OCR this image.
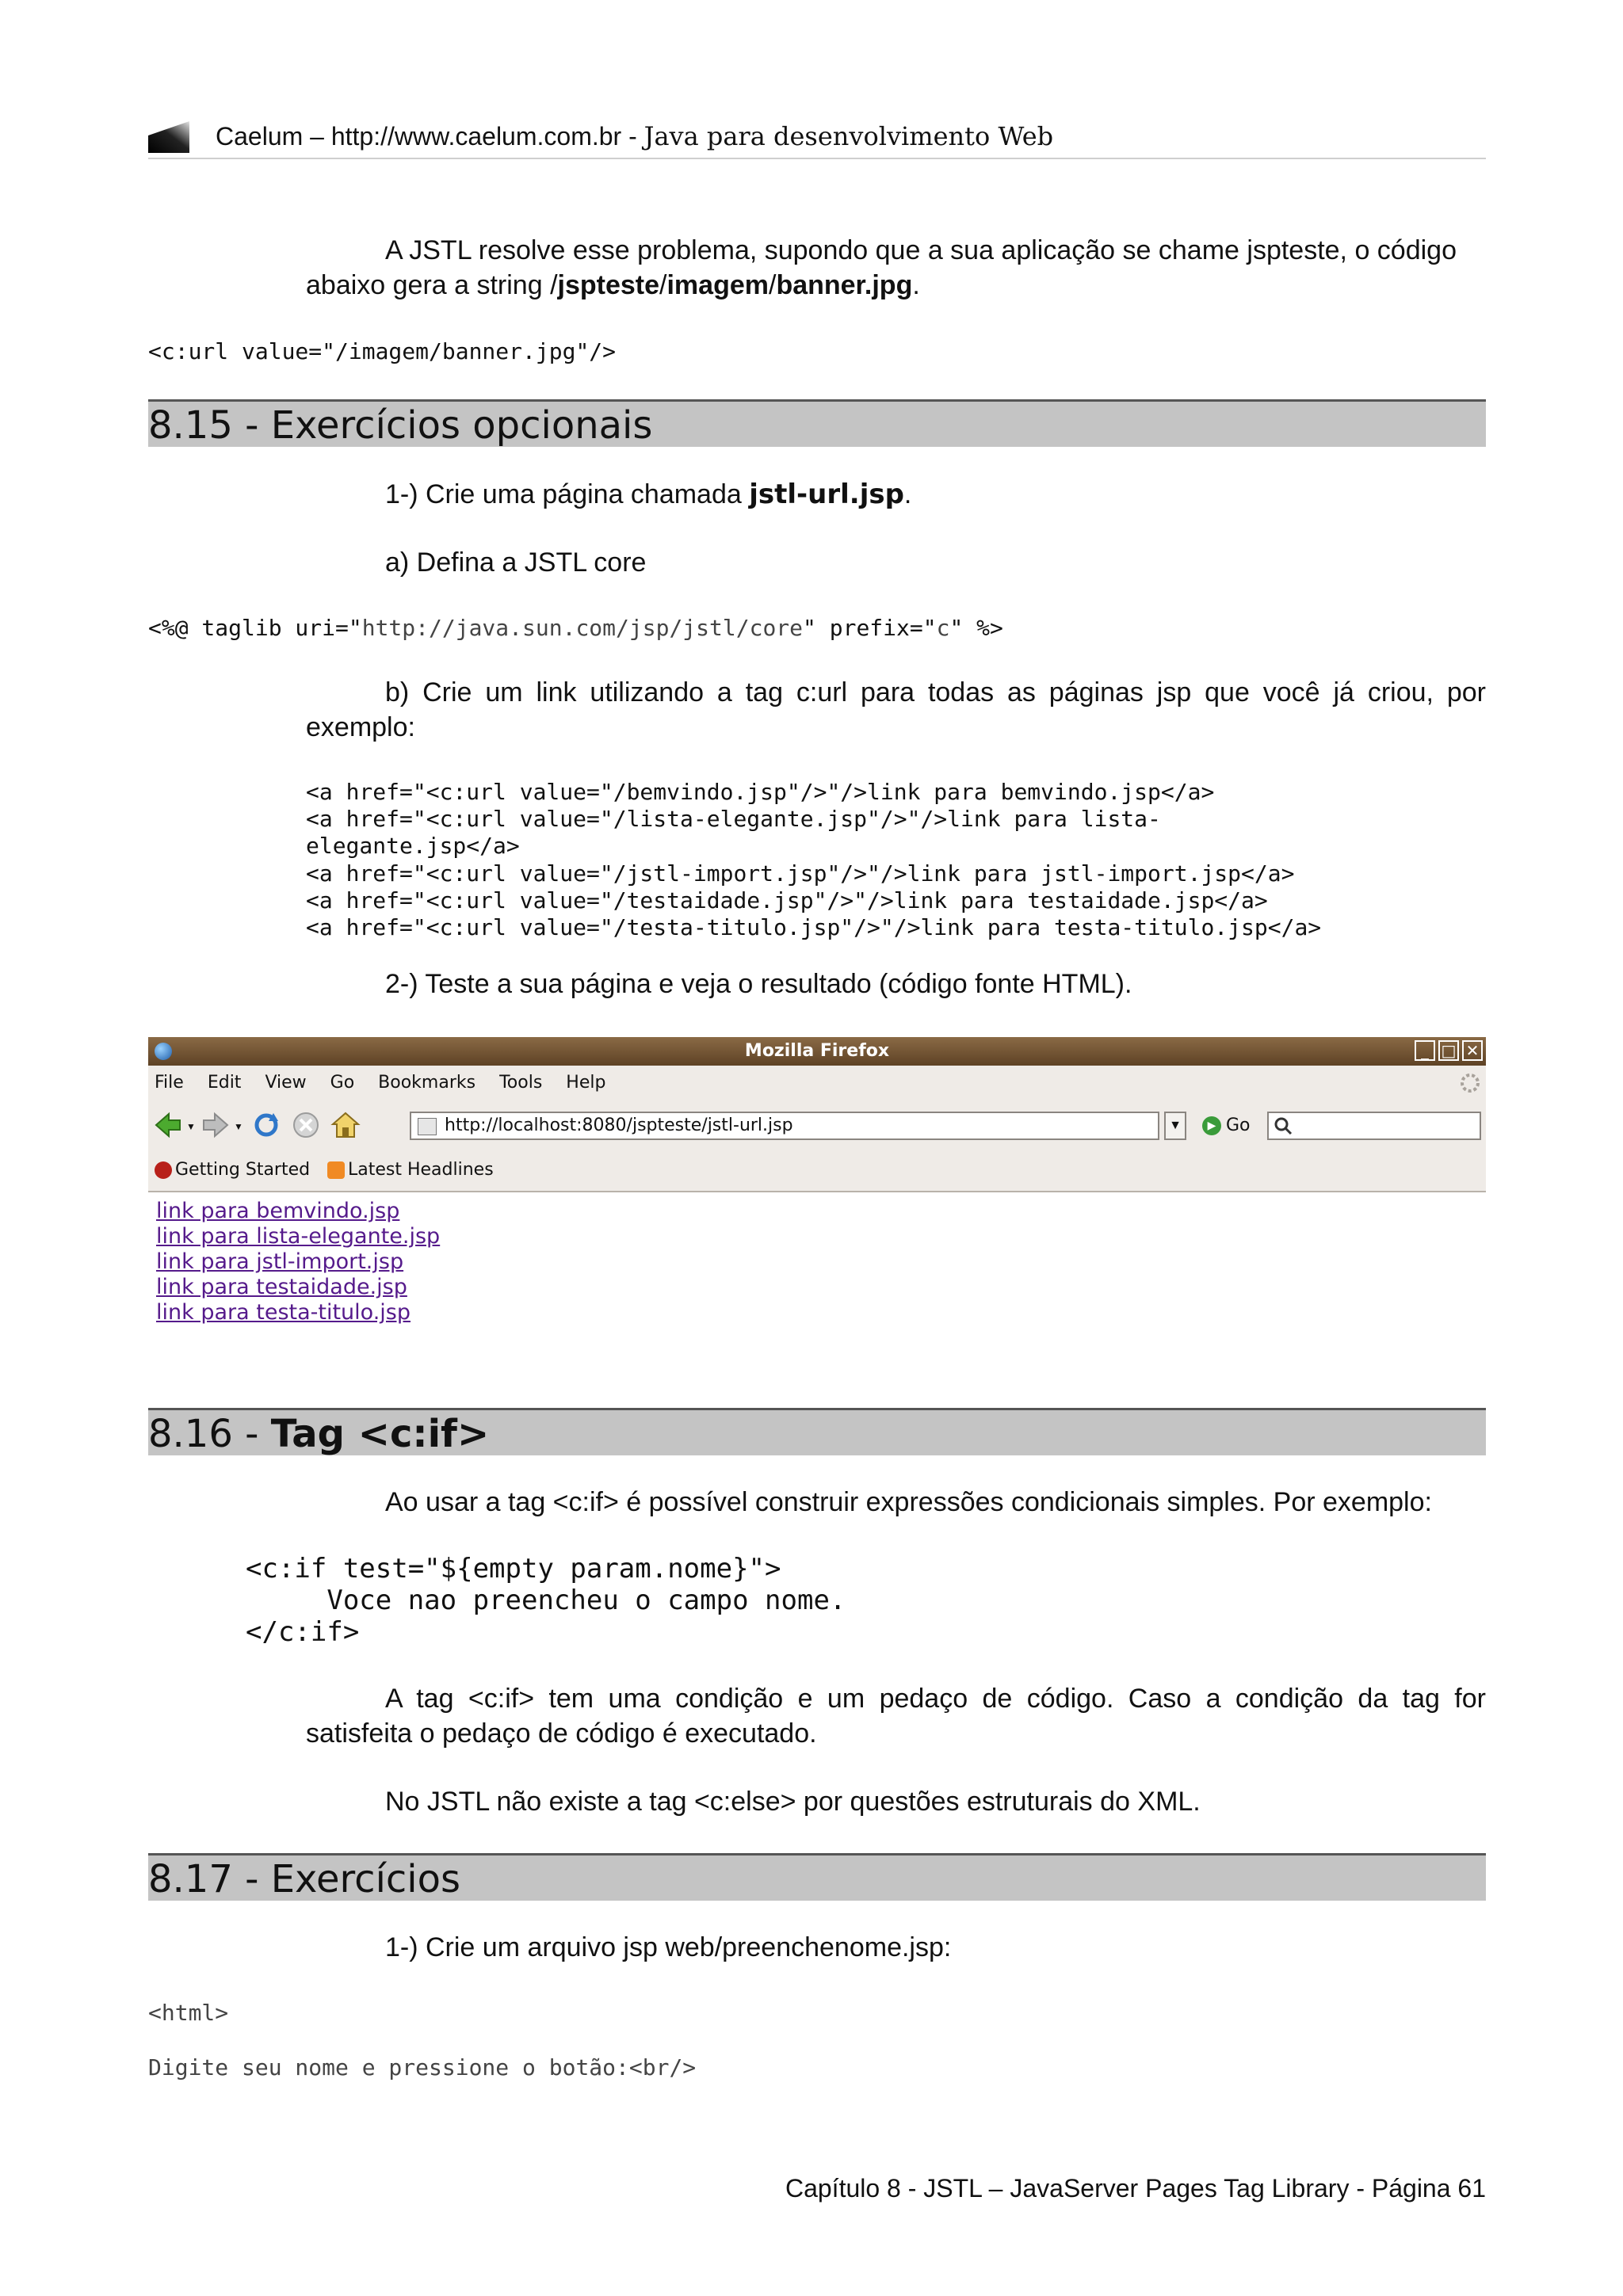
Caelum – http://www.caelum.com.br - Java para desenvolvimento Web
A JSTL resolve esse problema, supondo que a sua aplicação se chame jspteste, o código
abaixo gera a string /jspteste/imagem/banner.jpg.
<c:url value="/imagem/banner.jpg"/>
8.15 - Exercícios opcionais
1-) Crie uma página chamada jstl-url.jsp.
a) Defina a JSTL core
<%@ taglib uri="http://java.sun.com/jsp/jstl/core" prefix="c" %>
b) Crie um link utilizando a tag c:url para todas as páginas jsp que você já criou, por
exemplo:
<a href="<c:url value="/bemvindo.jsp"/>"/>link para bemvindo.jsp</a>
<a href="<c:url value="/lista-elegante.jsp"/>"/>link para lista-
elegante.jsp</a>
<a href="<c:url value="/jstl-import.jsp"/>"/>link para jstl-import.jsp</a>
<a href="<c:url value="/testaidade.jsp"/>"/>link para testaidade.jsp</a>
<a href="<c:url value="/testa-titulo.jsp"/>"/>link para testa-titulo.jsp</a>
2-) Teste a sua página e veja o resultado (código fonte HTML).
Mozilla Firefox	_ □ ✕
File Edit View Go Bookmarks Tools Help
▼	▼	http://localhost:8080/jspteste/jstl-url.jsp	▼	▶ Go
Getting Started	Latest Headlines
link para bemvindo.jsp
link para lista-elegante.jsp
link para jstl-import.jsp
link para testaidade.jsp
link para testa-titulo.jsp
8.16 - Tag <c:if>
Ao usar a tag <c:if> é possível construir expressões condicionais simples. Por exemplo:
<c:if test="${empty param.nome}">
Voce nao preencheu o campo nome.
</c:if>
A tag <c:if> tem uma condição e um pedaço de código. Caso a condição da tag for
satisfeita o pedaço de código é executado.
No JSTL não existe a tag <c:else> por questões estruturais do XML.
8.17 - Exercícios
1-) Crie um arquivo jsp web/preenchenome.jsp:
<html>
Digite seu nome e pressione o botão:<br/>
Capítulo 8 - JSTL – JavaServer Pages Tag Library - Página 61
